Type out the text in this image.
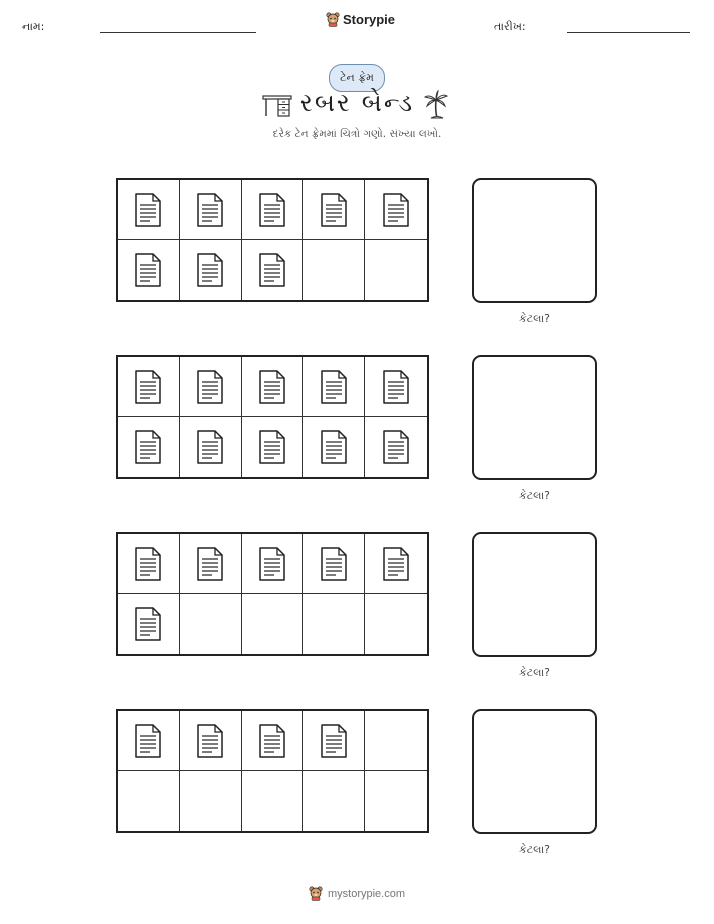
નામ:	Storypie	તારીખ:
ટેન ફ્રેમ
રબર બેન્ડ
દરેક ટેન ફ્રેમમાં ચિત્રો ગણો. સંખ્યા લખો.
કેટલા?
કેટલા?
કેટલા?
કેટલા?
mystorypie.com
